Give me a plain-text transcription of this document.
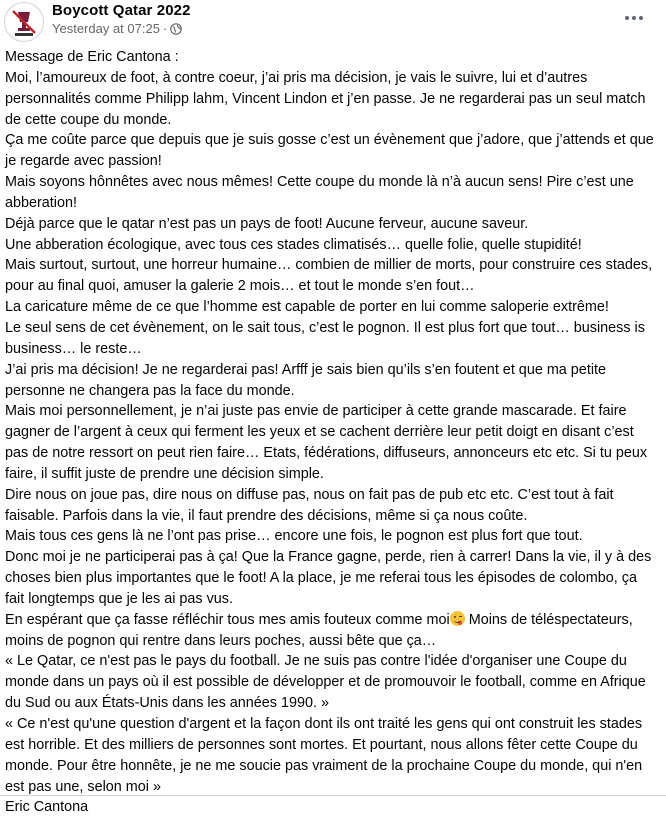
Boycott Qatar 2022
Yesterday at 07:25 ·

Message de Eric Cantona :

Moi, l’amoureux de foot, à contre coeur, j’ai pris ma décision, je vais le suivre, lui et d’autres personnalités comme Philipp lahm, Vincent Lindon et j’en passe. Je ne regarderai pas un seul match de cette coupe du monde.

Ça me coûte parce que depuis que je suis gosse c’est un évènement que j’adore, que j’attends et que je regarde avec passion!

Mais soyons hônnêtes avec nous mêmes! Cette coupe du monde là n’à aucun sens! Pire c’est une abberation!

Déjà parce que le qatar n’est pas un pays de foot! Aucune ferveur, aucune saveur.

Une abberation écologique, avec tous ces stades climatisés… quelle folie, quelle stupidité!

Mais surtout, surtout, une horreur humaine… combien de millier de morts, pour construire ces stades, pour au final quoi, amuser la galerie 2 mois… et tout le monde s’en fout…

La caricature même de ce que l’homme est capable de porter en lui comme saloperie extrême!

Le seul sens de cet évènement, on le sait tous, c’est le pognon. Il est plus fort que tout… business is business… le reste…

J’ai pris ma décision! Je ne regarderai pas! Arfff je sais bien qu’ils s’en foutent et que ma petite personne ne changera pas la face du monde.

Mais moi personnellement, je n’ai juste pas envie de participer à cette grande mascarade. Et faire gagner de l’argent à ceux qui ferment les yeux et se cachent derrière leur petit doigt en disant c’est pas de notre ressort on peut rien faire… Etats, fédérations, diffuseurs, annonceurs etc etc. Si tu peux faire, il suffit juste de prendre une décision simple.

Dire nous on joue pas, dire nous on diffuse pas, nous on fait pas de pub etc etc. C’est tout à fait faisable. Parfois dans la vie, il faut prendre des décisions, même si ça nous coûte.

Mais tous ces gens là ne l’ont pas prise… encore une fois, le pognon est plus fort que tout.

Donc moi je ne participerai pas à ça! Que la France gagne, perde, rien à carrer! Dans la vie, il y à des choses bien plus importantes que le foot! A la place, je me referai tous les épisodes de colombo, ça fait longtemps que je les ai pas vus.

En espérant que ça fasse réfléchir tous mes amis fouteux comme moi
Moins de téléspectateurs, moins de pognon qui rentre dans leurs poches, aussi bête que ça…

« Le Qatar, ce n'est pas le pays du football. Je ne suis pas contre l'idée d'organiser une Coupe du monde dans un pays où il est possible de développer et de promouvoir le football, comme en Afrique du Sud ou aux États-Unis dans les années 1990. »

« Ce n'est qu'une question d'argent et la façon dont ils ont traité les gens qui ont construit les stades est horrible. Et des milliers de personnes sont mortes. Et pourtant, nous allons fêter cette Coupe du monde. Pour être honnête, je ne me soucie pas vraiment de la prochaine Coupe du monde, qui n'en est pas une, selon moi »

Eric Cantona
